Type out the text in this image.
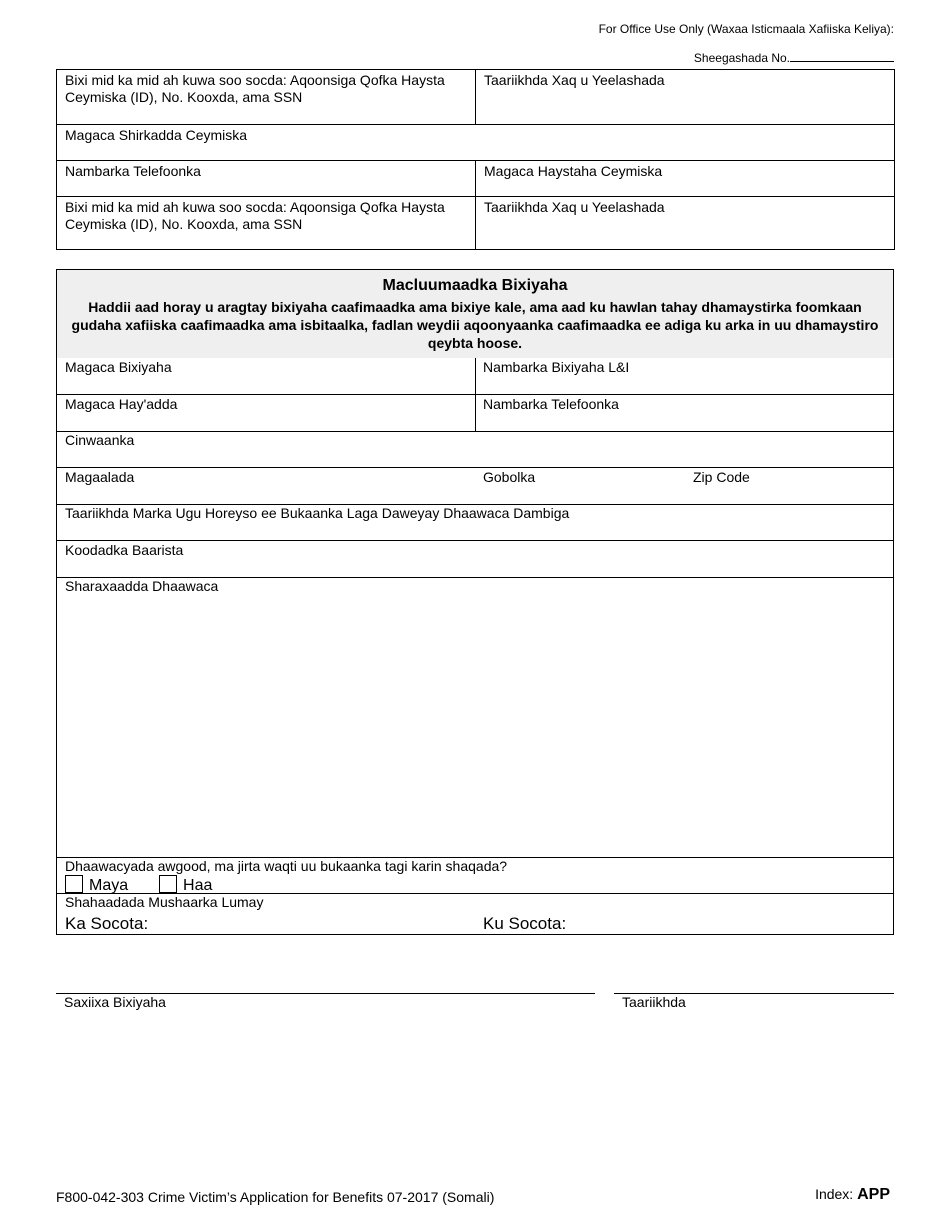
For Office Use Only (Waxaa Isticmaala Xafiiska Keliya):
Sheegashada No.
Bixi mid ka mid ah kuwa soo socda: Aqoonsiga Qofka Haysta Ceymiska (ID), No. Kooxda, ama SSN	Taariikhda Xaq u Yeelashada
Magaca Shirkadda Ceymiska	
Nambarka Telefoonka	Magaca Haystaha Ceymiska
Bixi mid ka mid ah kuwa soo socda: Aqoonsiga Qofka Haysta Ceymiska (ID), No. Kooxda, ama SSN	Taariikhda Xaq u Yeelashada
Macluumaadka Bixiyaha
Haddii aad horay u aragtay bixiyaha caafimaadka ama bixiye kale, ama aad ku hawlan tahay dhamaystirka foomkaan gudaha xafiiska caafimaadka ama isbitaalka, fadlan weydii aqoonyaanka caafimaadka ee adiga ku arka in uu dhamaystiro qeybta hoose.
Magaca Bixiyaha	Nambarka Bixiyaha L&I
Magaca Hay'adda	Nambarka Telefoonka
Cinwaanka
Magaalada	Gobolka	Zip Code
Taariikhda Marka Ugu Horeyso ee Bukaanka Laga Daweyay Dhaawaca Dambiga
Koodadka Baarista
Sharaxaadda Dhaawaca
Dhaawacyada awgood, ma jirta waqti uu bukaanka tagi karin shaqada?
Maya	Haa
Shahaadada Mushaarka Lumay
Ka Socota:	Ku Socota:
Saxiixa Bixiyaha	Taariikhda
F800-042-303 Crime Victim’s Application for Benefits 07-2017 (Somali)	Index: APP
